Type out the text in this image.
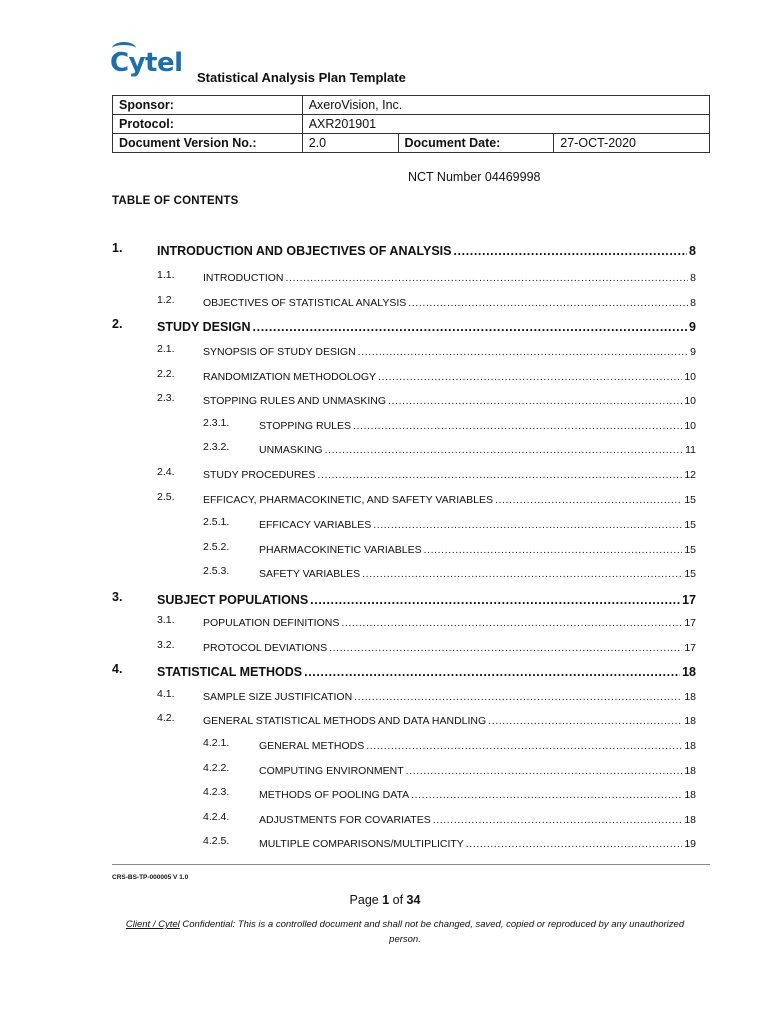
Cytel Statistical Analysis Plan Template
Sponsor:	AxeroVision, Inc.		
Protocol:	AXR201901		
Document Version No.:	2.0	Document Date:	27-OCT-2020
NCT Number 04469998
TABLE OF CONTENTS
1.	INTRODUCTION AND OBJECTIVES OF ANALYSIS .....	8
1.1.	INTRODUCTION .....	8
1.2.	OBJECTIVES OF STATISTICAL ANALYSIS .....	8
2.	STUDY DESIGN .....	9
2.1.	SYNOPSIS OF STUDY DESIGN .....	9
2.2.	RANDOMIZATION METHODOLOGY .....	10
2.3.	STOPPING RULES AND UNMASKING .....	10
2.3.1.	STOPPING RULES .....	10
2.3.2.	UNMASKING .....	11
2.4.	STUDY PROCEDURES .....	12
2.5.	EFFICACY, PHARMACOKINETIC, AND SAFETY VARIABLES .....	15
2.5.1.	EFFICACY VARIABLES .....	15
2.5.2.	PHARMACOKINETIC VARIABLES .....	15
2.5.3.	SAFETY VARIABLES .....	15
3.	SUBJECT POPULATIONS .....	17
3.1.	POPULATION DEFINITIONS .....	17
3.2.	PROTOCOL DEVIATIONS .....	17
4.	STATISTICAL METHODS .....	18
4.1.	SAMPLE SIZE JUSTIFICATION .....	18
4.2.	GENERAL STATISTICAL METHODS AND DATA HANDLING .....	18
4.2.1.	GENERAL METHODS .....	18
4.2.2.	COMPUTING ENVIRONMENT .....	18
4.2.3.	METHODS OF POOLING DATA .....	18
4.2.4.	ADJUSTMENTS FOR COVARIATES .....	18
4.2.5.	MULTIPLE COMPARISONS/MULTIPLICITY .....	19
CRS-BS-TP-000005 V 1.0
Page 1 of 34
Client / Cytel Confidential: This is a controlled document and shall not be changed, saved, copied or reproduced by any unauthorized person.
